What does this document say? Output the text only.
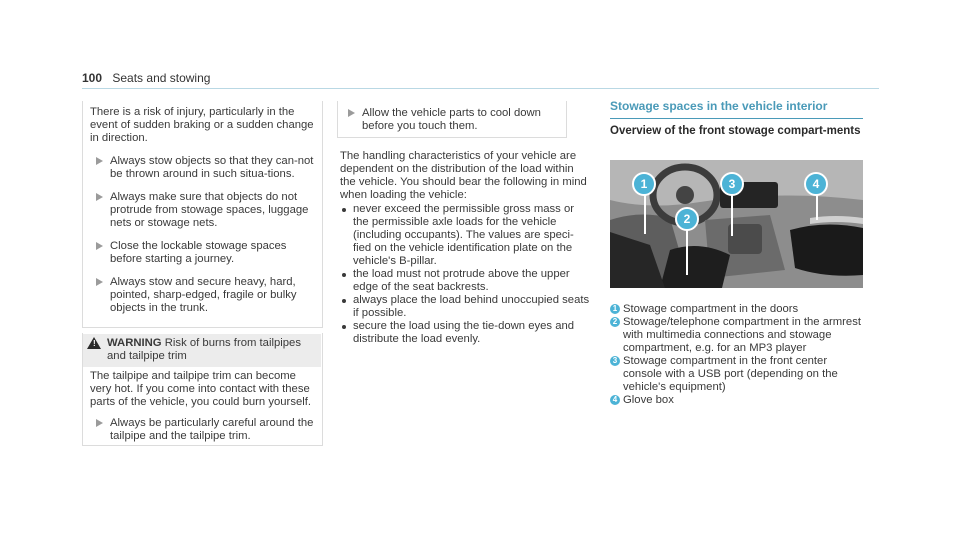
100 Seats and stowing

There is a risk of injury, particularly in the event of sudden braking or a sudden change in direction.

Always stow objects so that they can-not be thrown around in such situa-tions.
Always make sure that objects do not protrude from stowage spaces, luggage nets or stowage nets.
Close the lockable stowage spaces before starting a journey.
Always stow and secure heavy, hard, pointed, sharp-edged, fragile or bulky objects in the trunk.
! WARNING Risk of burns from tailpipes and tailpipe trim

The tailpipe and tailpipe trim can become very hot. If you come into contact with these parts of the vehicle, you could burn yourself.

Always be particularly careful around the tailpipe and the tailpipe trim.
Allow the vehicle parts to cool down before you touch them.

The handling characteristics of your vehicle are dependent on the distribution of the load within the vehicle. You should bear the following in mind when loading the vehicle:

never exceed the permissible gross mass or the permissible axle loads for the vehicle (including occupants). The values are speci-fied on the vehicle identification plate on the vehicle's B-pillar.
the load must not protrude above the upper edge of the seat backrests.
always place the load behind unoccupied seats if possible.
secure the load using the tie-down eyes and distribute the load evenly.
Stowage spaces in the vehicle interior
Overview of the front stowage compart-ments
1
2
3	4
1 Stowage compartment in the doors
2 Stowage/telephone compartment in the armrest with multimedia connections and stowage compartment, e.g. for an MP3 player
3 Stowage compartment in the front center console with a USB port (depending on the vehicle's equipment)
4 Glove box
